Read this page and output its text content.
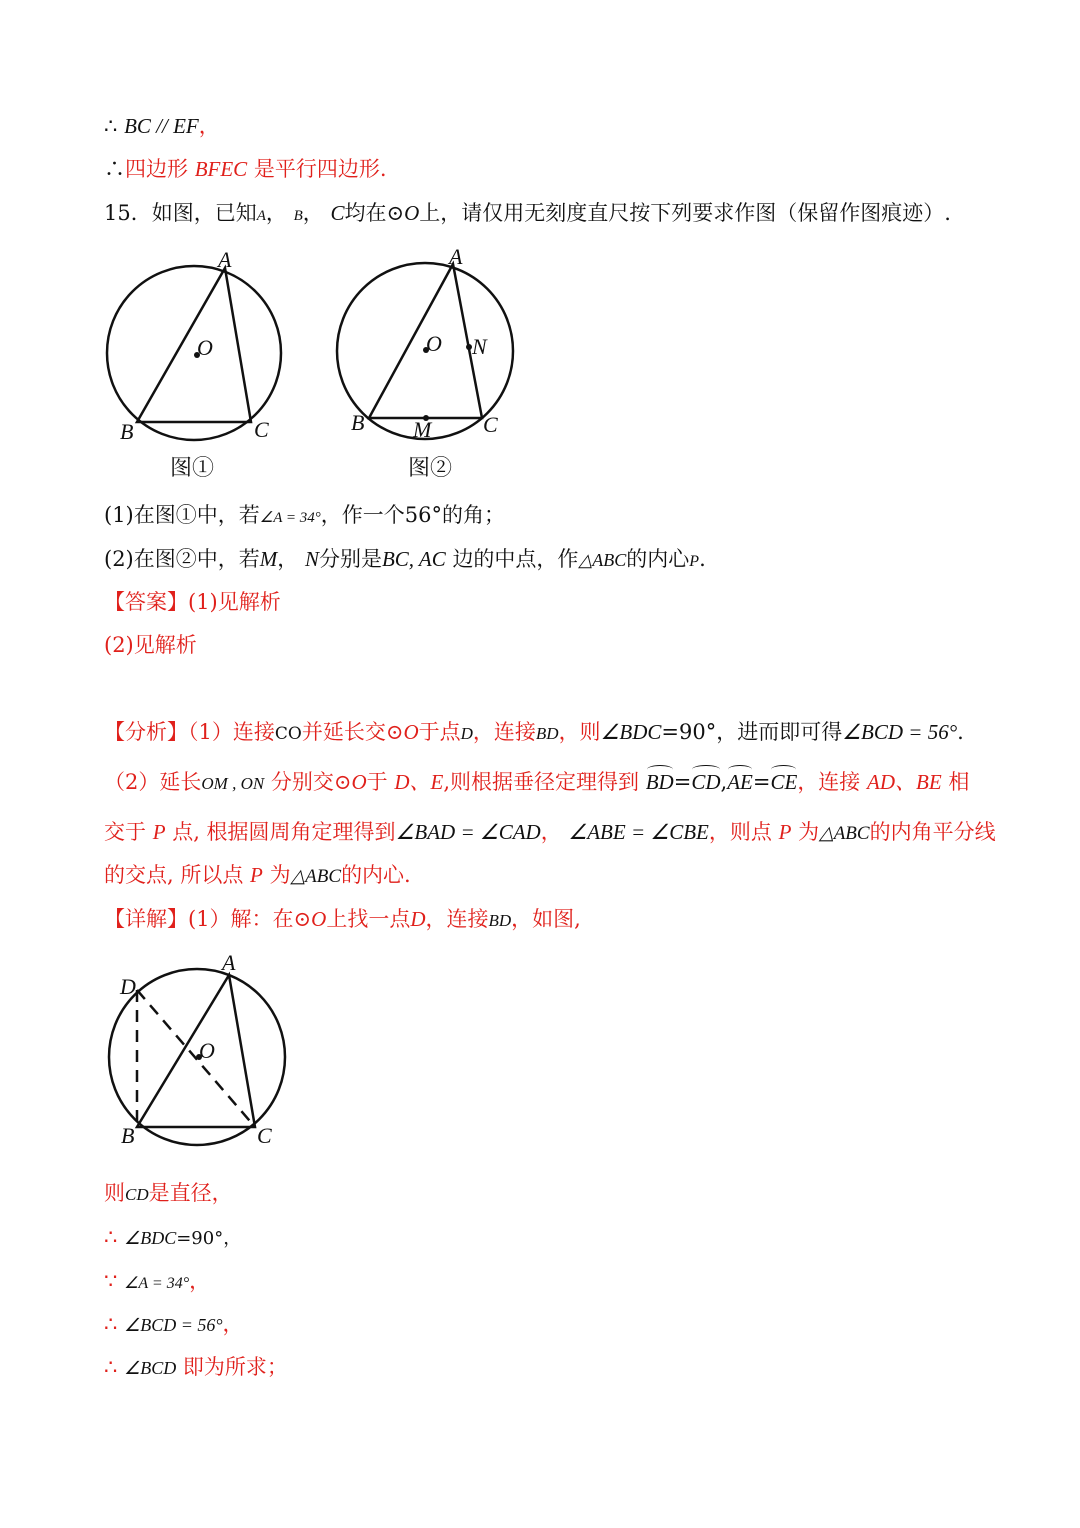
∴ BC // EF，
∴四边形 BFEC 是平行四边形.
15．如图，已知A， B， C均在⊙O上，请仅用无刻度直尺按下列要求作图（保留作图痕迹）.
A
B	C
O
图①
A
B	C
O N
M
图②
(1)在图①中，若∠A = 34°，作一个56°的角；
(2)在图②中，若M， N分别是BC, AC 边的中点，作△ABC的内心P.
【答案】(1)见解析
(2)见解析
【分析】（1）连接CO并延长交⊙O于点D，连接BD，则∠BDC=90°，进而即可得∠BCD = 56°.
（2）延长OM , ON 分别交⊙O于 D、E,则根据垂径定理得到 BD=CD,AE=CE，连接 AD、BE 相
交于 P 点, 根据圆周角定理得到∠BAD = ∠CAD， ∠ABE = ∠CBE，则点 P 为△ABC的内角平分线
的交点, 所以点 P 为△ABC的内心.
【详解】(1）解：在⊙O上找一点D，连接BD，如图,
A
D
B	C
O
则CD是直径，
∴ ∠BDC=90°，
∵ ∠A = 34°，
∴ ∠BCD = 56°，
∴ ∠BCD 即为所求；
